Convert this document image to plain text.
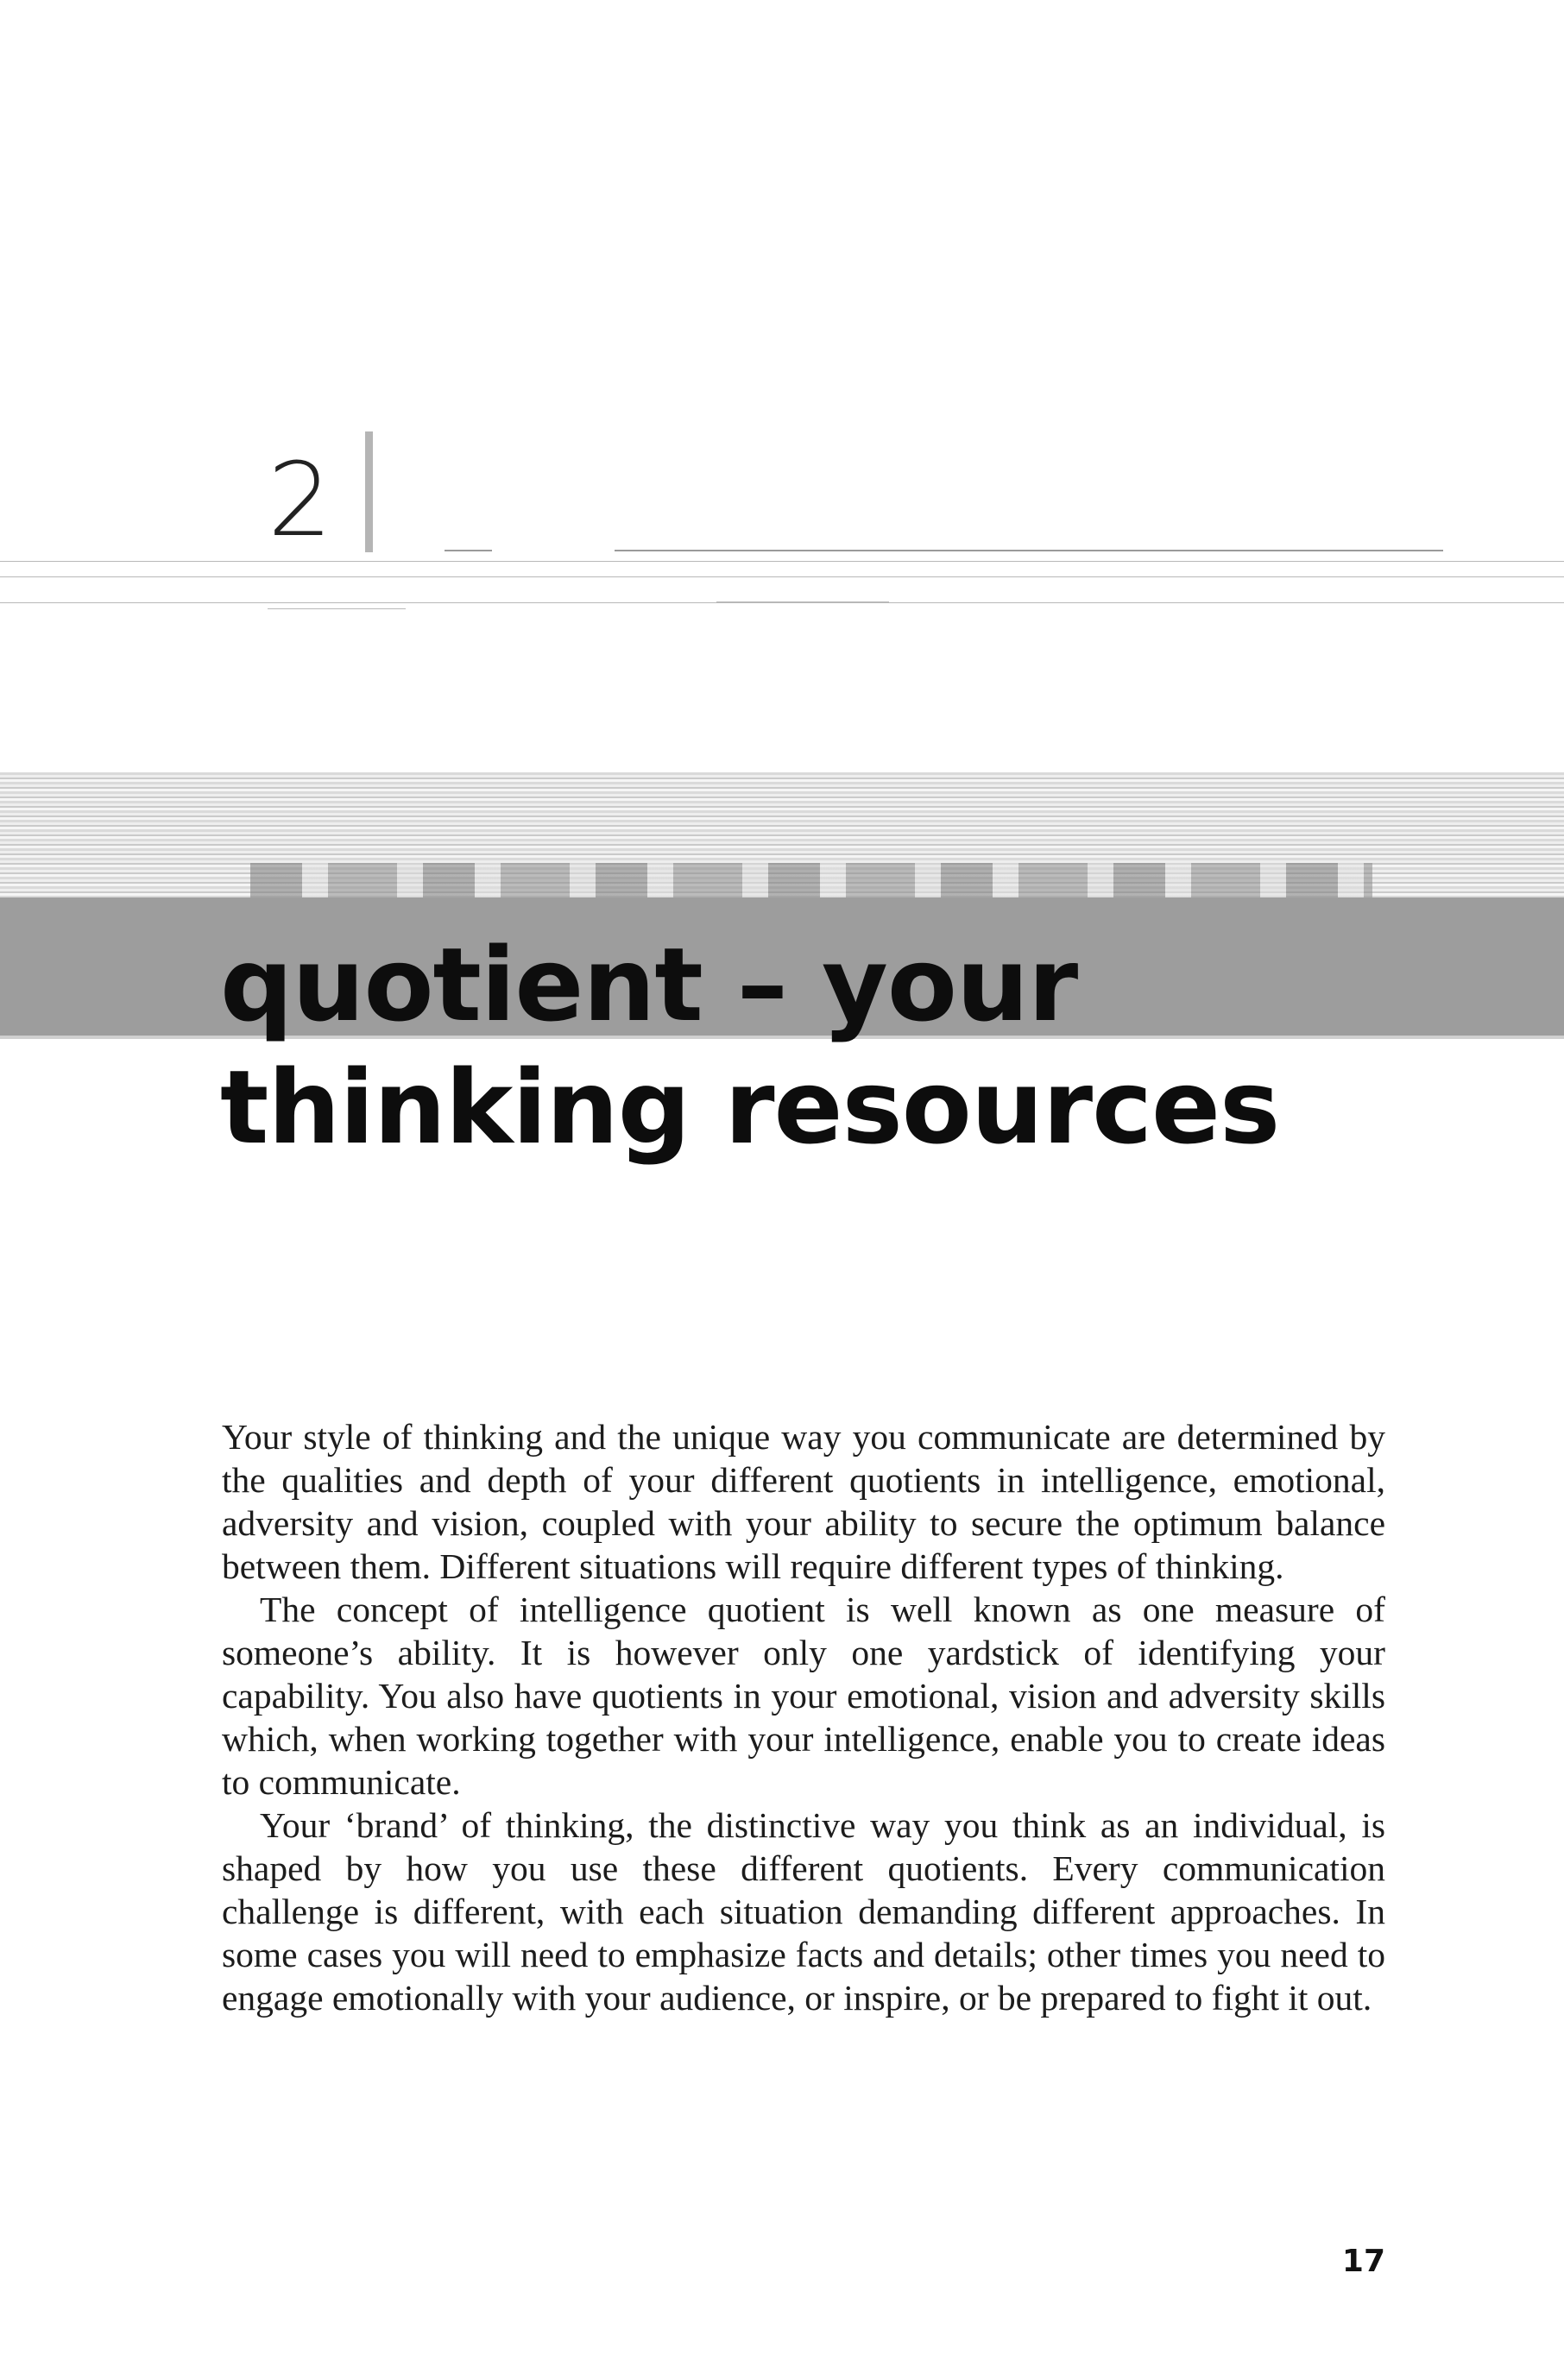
2
quotient – your
thinking resources

Your style of thinking and the unique way you communicate are determined by the qualities and depth of your different quotients in intelligence, emotional, adversity and vision, coupled with your ability to secure the optimum balance between them. Different situations will require different types of thinking.

The concept of intelligence quotient is well known as one measure of someone’s ability. It is however only one yardstick of identifying your capability. You also have quotients in your emotional, vision and adversity skills which, when working together with your intelligence, enable you to create ideas to communicate.

Your ‘brand’ of thinking, the distinctive way you think as an individual, is shaped by how you use these different quotients. Every communication challenge is different, with each situation demanding different approaches. In some cases you will need to emphasize facts and details; other times you need to engage emotionally with your audience, or inspire, or be prepared to fight it out.

17
